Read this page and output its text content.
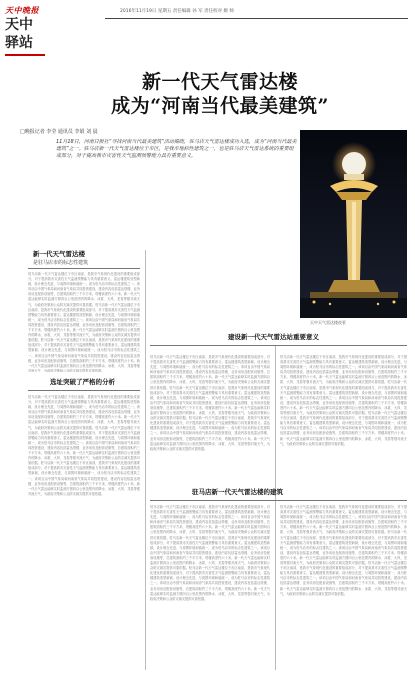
天中晚报
天中
驿站
2016年11月19日 星期五 责任编辑 孙 军 责任校对 姬 帅
新一代天气雷达楼
成为“河南当代最美建筑”
□晚报记者 李莹 通讯员 李娟 刘 晨
11月18日，河南日报社“寻找河南当代最美建筑”活动揭晓，驻马店天气雷达楼成功入选，成为“河南当代最美建筑”之一。驻马店新一代天气雷达楼位于市区，是我市地标性建筑之一，也是驻马店天气雷达系统的重要组成部分，对于提高我市灾害性天气监测预警能力具有重要意义。
天中天气雷达楼夜景
新一代天气雷达楼
是驻马店市的标志性建筑
驻马店新一代天气雷达楼位于市区南部，是我市气象现代化建设的重要组成部分，对于提高我市灾害性天气监测预警能力具有重要意义。雷达楼建筑造型新颖，设计理念先进，与周围环境和谐统一，成为驻马店市的标志性建筑之一。该项目由中国气象局和河南省气象局共同投资建设，建设内容包括雷达塔楼、业务用房及配套设施等，总建筑面积约三千平方米，塔楼高度约六十米。新一代天气雷达能够实时监测方圆四百公里范围内的降水、冰雹、大风、龙卷等强对流天气，为政府决策和公众防灾减灾提供可靠依据。驻马店新一代天气雷达楼位于市区南部，是我市气象现代化建设的重要组成部分，对于提高我市灾害性天气监测预警能力具有重要意义。雷达楼建筑造型新颖，设计理念先进，与周围环境和谐统一，成为驻马店市的标志性建筑之一。该项目由中国气象局和河南省气象局共同投资建设，建设内容包括雷达塔楼、业务用房及配套设施等，总建筑面积约三千平方米，塔楼高度约六十米。新一代天气雷达能够实时监测方圆四百公里范围内的降水、冰雹、大风、龙卷等强对流天气，为政府决策和公众防灾减灾提供可靠依据。驻马店新一代天气雷达楼位于市区南部，是我市气象现代化建设的重要组成部分，对于提高我市灾害性天气监测预警能力具有重要意义。雷达楼建筑造型新颖，设计理念先进，与周围环境和谐统一，成为驻马店市的标志性建筑之一。该项目由中国气象局和河南省气象局共同投资建设，建设内容包括雷达塔楼、业务用房及配套设施等，总建筑面积约三千平方米，塔楼高度约六十米。新一代天气雷达能够实时监测方圆四百公里范围内的降水、冰雹、大风、龙卷等强对流天气，为政府决策和公众防灾减灾提供可靠依据。
选址突破了严格的分析
驻马店新一代天气雷达楼位于市区南部，是我市气象现代化建设的重要组成部分，对于提高我市灾害性天气监测预警能力具有重要意义。雷达楼建筑造型新颖，设计理念先进，与周围环境和谐统一，成为驻马店市的标志性建筑之一。该项目由中国气象局和河南省气象局共同投资建设，建设内容包括雷达塔楼、业务用房及配套设施等，总建筑面积约三千平方米，塔楼高度约六十米。新一代天气雷达能够实时监测方圆四百公里范围内的降水、冰雹、大风、龙卷等强对流天气，为政府决策和公众防灾减灾提供可靠依据。驻马店新一代天气雷达楼位于市区南部，是我市气象现代化建设的重要组成部分，对于提高我市灾害性天气监测预警能力具有重要意义。雷达楼建筑造型新颖，设计理念先进，与周围环境和谐统一，成为驻马店市的标志性建筑之一。该项目由中国气象局和河南省气象局共同投资建设，建设内容包括雷达塔楼、业务用房及配套设施等，总建筑面积约三千平方米，塔楼高度约六十米。新一代天气雷达能够实时监测方圆四百公里范围内的降水、冰雹、大风、龙卷等强对流天气，为政府决策和公众防灾减灾提供可靠依据。驻马店新一代天气雷达楼位于市区南部，是我市气象现代化建设的重要组成部分，对于提高我市灾害性天气监测预警能力具有重要意义。雷达楼建筑造型新颖，设计理念先进，与周围环境和谐统一，成为驻马店市的标志性建筑之一。该项目由中国气象局和河南省气象局共同投资建设，建设内容包括雷达塔楼、业务用房及配套设施等，总建筑面积约三千平方米，塔楼高度约六十米。新一代天气雷达能够实时监测方圆四百公里范围内的降水、冰雹、大风、龙卷等强对流天气，为政府决策和公众防灾减灾提供可靠依据。
驻马店新一代天气雷达楼位于市区南部，是我市气象现代化建设的重要组成部分，对于提高我市灾害性天气监测预警能力具有重要意义。雷达楼建筑造型新颖，设计理念先进，与周围环境和谐统一，成为驻马店市的标志性建筑之一。该项目由中国气象局和河南省气象局共同投资建设，建设内容包括雷达塔楼、业务用房及配套设施等，总建筑面积约三千平方米，塔楼高度约六十米。新一代天气雷达能够实时监测方圆四百公里范围内的降水、冰雹、大风、龙卷等强对流天气，为政府决策和公众防灾减灾提供可靠依据。驻马店新一代天气雷达楼位于市区南部，是我市气象现代化建设的重要组成部分，对于提高我市灾害性天气监测预警能力具有重要意义。雷达楼建筑造型新颖，设计理念先进，与周围环境和谐统一，成为驻马店市的标志性建筑之一。该项目由中国气象局和河南省气象局共同投资建设，建设内容包括雷达塔楼、业务用房及配套设施等，总建筑面积约三千平方米，塔楼高度约六十米。新一代天气雷达能够实时监测方圆四百公里范围内的降水、冰雹、大风、龙卷等强对流天气，为政府决策和公众防灾减灾提供可靠依据。驻马店新一代天气雷达楼位于市区南部，是我市气象现代化建设的重要组成部分，对于提高我市灾害性天气监测预警能力具有重要意义。雷达楼建筑造型新颖，设计理念先进，与周围环境和谐统一，成为驻马店市的标志性建筑之一。该项目由中国气象局和河南省气象局共同投资建设，建设内容包括雷达塔楼、业务用房及配套设施等，总建筑面积约三千平方米，塔楼高度约六十米。新一代天气雷达能够实时监测方圆四百公里范围内的降水、冰雹、大风、龙卷等强对流天气，为政府决策和公众防灾减灾提供可靠依据。
建设新一代天气雷达站重要意义
驻马店新一代天气雷达楼位于市区南部，是我市气象现代化建设的重要组成部分，对于提高我市灾害性天气监测预警能力具有重要意义。雷达楼建筑造型新颖，设计理念先进，与周围环境和谐统一，成为驻马店市的标志性建筑之一。该项目由中国气象局和河南省气象局共同投资建设，建设内容包括雷达塔楼、业务用房及配套设施等，总建筑面积约三千平方米，塔楼高度约六十米。新一代天气雷达能够实时监测方圆四百公里范围内的降水、冰雹、大风、龙卷等强对流天气，为政府决策和公众防灾减灾提供可靠依据。驻马店新一代天气雷达楼位于市区南部，是我市气象现代化建设的重要组成部分，对于提高我市灾害性天气监测预警能力具有重要意义。雷达楼建筑造型新颖，设计理念先进，与周围环境和谐统一，成为驻马店市的标志性建筑之一。该项目由中国气象局和河南省气象局共同投资建设，建设内容包括雷达塔楼、业务用房及配套设施等，总建筑面积约三千平方米，塔楼高度约六十米。新一代天气雷达能够实时监测方圆四百公里范围内的降水、冰雹、大风、龙卷等强对流天气，为政府决策和公众防灾减灾提供可靠依据。驻马店新一代天气雷达楼位于市区南部，是我市气象现代化建设的重要组成部分，对于提高我市灾害性天气监测预警能力具有重要意义。雷达楼建筑造型新颖，设计理念先进，与周围环境和谐统一，成为驻马店市的标志性建筑之一。该项目由中国气象局和河南省气象局共同投资建设，建设内容包括雷达塔楼、业务用房及配套设施等，总建筑面积约三千平方米，塔楼高度约六十米。新一代天气雷达能够实时监测方圆四百公里范围内的降水、冰雹、大风、龙卷等强对流天气，为政府决策和公众防灾减灾提供可靠依据。
驻马店新一代天气雷达楼的建筑
驻马店新一代天气雷达楼位于市区南部，是我市气象现代化建设的重要组成部分，对于提高我市灾害性天气监测预警能力具有重要意义。雷达楼建筑造型新颖，设计理念先进，与周围环境和谐统一，成为驻马店市的标志性建筑之一。该项目由中国气象局和河南省气象局共同投资建设，建设内容包括雷达塔楼、业务用房及配套设施等，总建筑面积约三千平方米，塔楼高度约六十米。新一代天气雷达能够实时监测方圆四百公里范围内的降水、冰雹、大风、龙卷等强对流天气，为政府决策和公众防灾减灾提供可靠依据。驻马店新一代天气雷达楼位于市区南部，是我市气象现代化建设的重要组成部分，对于提高我市灾害性天气监测预警能力具有重要意义。雷达楼建筑造型新颖，设计理念先进，与周围环境和谐统一，成为驻马店市的标志性建筑之一。该项目由中国气象局和河南省气象局共同投资建设，建设内容包括雷达塔楼、业务用房及配套设施等，总建筑面积约三千平方米，塔楼高度约六十米。新一代天气雷达能够实时监测方圆四百公里范围内的降水、冰雹、大风、龙卷等强对流天气，为政府决策和公众防灾减灾提供可靠依据。驻马店新一代天气雷达楼位于市区南部，是我市气象现代化建设的重要组成部分，对于提高我市灾害性天气监测预警能力具有重要意义。雷达楼建筑造型新颖，设计理念先进，与周围环境和谐统一，成为驻马店市的标志性建筑之一。该项目由中国气象局和河南省气象局共同投资建设，建设内容包括雷达塔楼、业务用房及配套设施等，总建筑面积约三千平方米，塔楼高度约六十米。新一代天气雷达能够实时监测方圆四百公里范围内的降水、冰雹、大风、龙卷等强对流天气，为政府决策和公众防灾减灾提供可靠依据。
驻马店新一代天气雷达楼位于市区南部，是我市气象现代化建设的重要组成部分，对于提高我市灾害性天气监测预警能力具有重要意义。雷达楼建筑造型新颖，设计理念先进，与周围环境和谐统一，成为驻马店市的标志性建筑之一。该项目由中国气象局和河南省气象局共同投资建设，建设内容包括雷达塔楼、业务用房及配套设施等，总建筑面积约三千平方米，塔楼高度约六十米。新一代天气雷达能够实时监测方圆四百公里范围内的降水、冰雹、大风、龙卷等强对流天气，为政府决策和公众防灾减灾提供可靠依据。驻马店新一代天气雷达楼位于市区南部，是我市气象现代化建设的重要组成部分，对于提高我市灾害性天气监测预警能力具有重要意义。雷达楼建筑造型新颖，设计理念先进，与周围环境和谐统一，成为驻马店市的标志性建筑之一。该项目由中国气象局和河南省气象局共同投资建设，建设内容包括雷达塔楼、业务用房及配套设施等，总建筑面积约三千平方米，塔楼高度约六十米。新一代天气雷达能够实时监测方圆四百公里范围内的降水、冰雹、大风、龙卷等强对流天气，为政府决策和公众防灾减灾提供可靠依据。驻马店新一代天气雷达楼位于市区南部，是我市气象现代化建设的重要组成部分，对于提高我市灾害性天气监测预警能力具有重要意义。雷达楼建筑造型新颖，设计理念先进，与周围环境和谐统一，成为驻马店市的标志性建筑之一。该项目由中国气象局和河南省气象局共同投资建设，建设内容包括雷达塔楼、业务用房及配套设施等，总建筑面积约三千平方米，塔楼高度约六十米。新一代天气雷达能够实时监测方圆四百公里范围内的降水、冰雹、大风、龙卷等强对流天气，为政府决策和公众防灾减灾提供可靠依据。
